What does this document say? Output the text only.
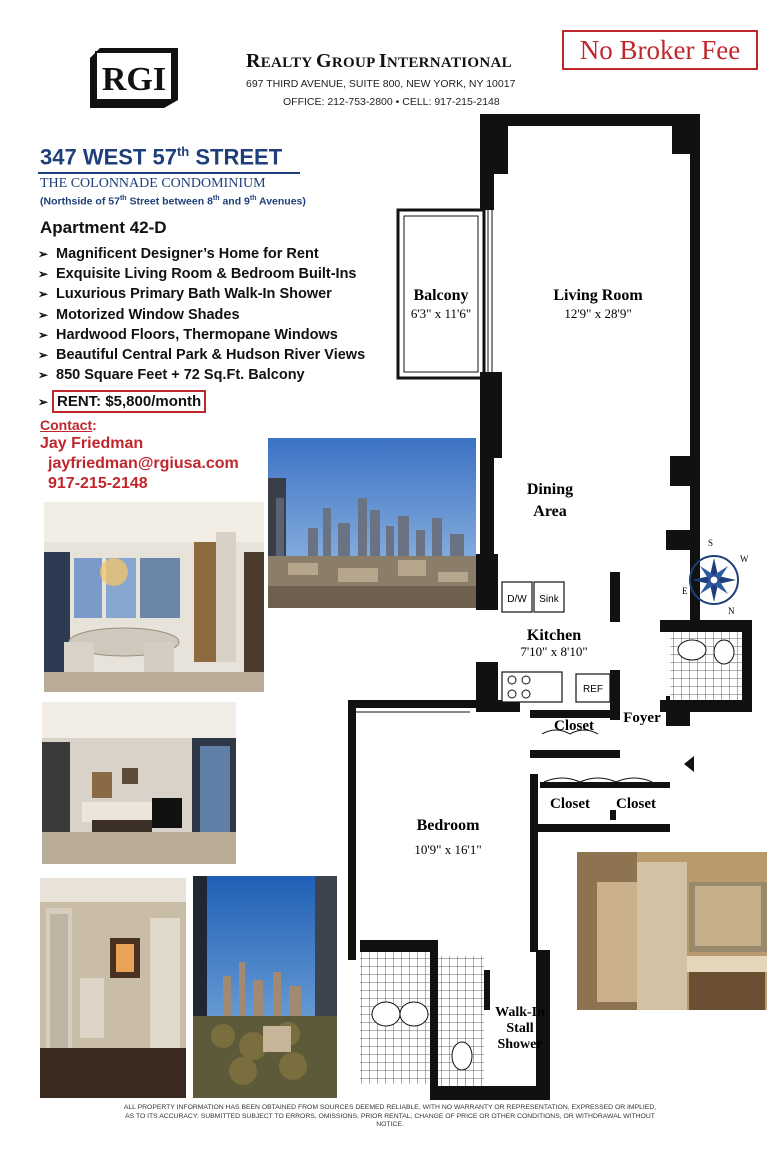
RGI	REALTY GROUP INTERNATIONAL
697 THIRD AVENUE, SUITE 800, NEW YORK, NY 10017
OFFICE: 212-753-2800 • CELL: 917-215-2148
No Broker Fee
347 WEST 57th STREET
THE COLONNADE CONDOMINIUM
(Northside of 57th Street between 8th and 9th Avenues)
Apartment 42-D
➢ Magnificent Designer’s Home for Rent
➢ Exquisite Living Room & Bedroom Built-Ins
➢ Luxurious Primary Bath Walk-In Shower
➢ Motorized Window Shades
➢ Hardwood Floors, Thermopane Windows
➢ Beautiful Central Park & Hudson River Views
➢ 850 Square Feet + 72 Sq.Ft. Balcony
➢ RENT: $5,800/month
Contact:
Jay Friedman
jayfriedman@rgiusa.com
917-215-2148
D/W Sink
REF
S
W
E
N
Balcony
6'3" x 11'6"
Living Room
12'9" x 28'9"
Dining
Area
Kitchen
7'10" x 8'10"
Closet Foyer
Closet Closet
Bedroom
10'9" x 16'1"
Walk-In
Stall
Shower
ALL PROPERTY INFORMATION HAS BEEN OBTAINED FROM SOURCES DEEMED RELIABLE, WITH NO WARRANTY OR REPRESENTATION, EXPRESSED OR IMPLIED, AS TO ITS ACCURACY; SUBMITTED SUBJECT TO ERRORS, OMISSIONS, PRIOR RENTAL, CHANGE OF PRICE OR OTHER CONDITIONS, OR WITHDRAWAL WITHOUT NOTICE.
